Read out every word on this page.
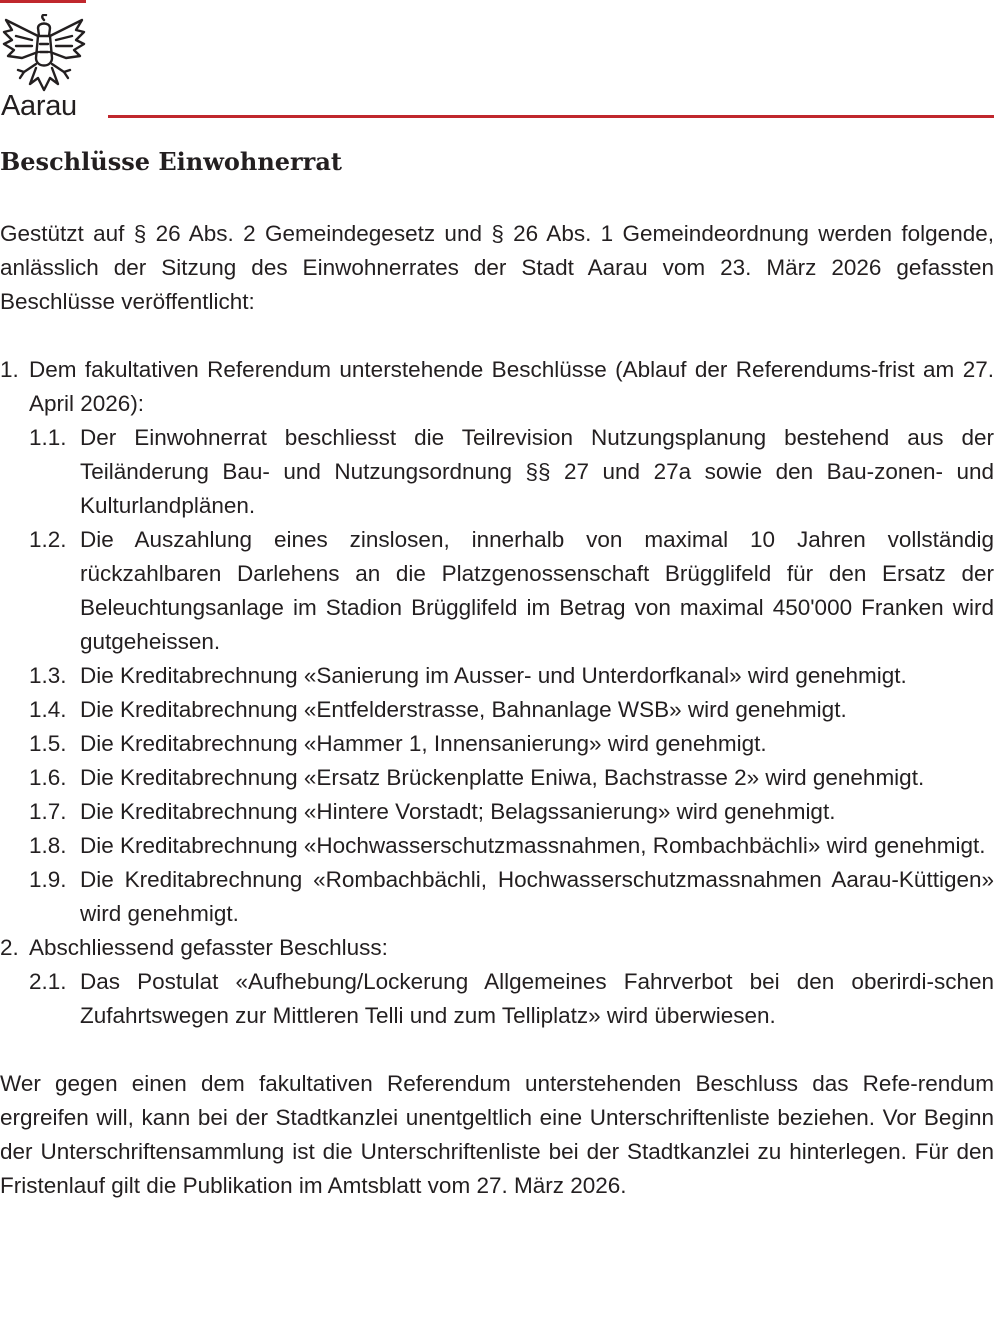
Aarau
Beschlüsse Einwohnerrat

Gestützt auf § 26 Abs. 2 Gemeindegesetz und § 26 Abs. 1 Gemeindeordnung werden folgende, anlässlich der Sitzung des Einwohnerrates der Stadt Aarau vom 23. März 2026 gefassten Beschlüsse veröffentlicht:

1. Dem fakultativen Referendum unterstehende Beschlüsse (Ablauf der Referendums-frist am 27. April 2026):
1.1. Der Einwohnerrat beschliesst die Teilrevision Nutzungsplanung bestehend aus der Teiländerung Bau- und Nutzungsordnung §§ 27 und 27a sowie den Bau-zonen- und Kulturlandplänen.
1.2. Die Auszahlung eines zinslosen, innerhalb von maximal 10 Jahren vollständig rückzahlbaren Darlehens an die Platzgenossenschaft Brügglifeld für den Ersatz der Beleuchtungsanlage im Stadion Brügglifeld im Betrag von maximal 450'000 Franken wird gutgeheissen.
1.3. Die Kreditabrechnung «Sanierung im Ausser- und Unterdorfkanal» wird genehmigt.
1.4. Die Kreditabrechnung «Entfelderstrasse, Bahnanlage WSB» wird genehmigt.
1.5. Die Kreditabrechnung «Hammer 1, Innensanierung» wird genehmigt.
1.6. Die Kreditabrechnung «Ersatz Brückenplatte Eniwa, Bachstrasse 2» wird genehmigt.
1.7. Die Kreditabrechnung «Hintere Vorstadt; Belagssanierung» wird genehmigt.
1.8. Die Kreditabrechnung «Hochwasserschutzmassnahmen, Rombachbächli» wird genehmigt.
1.9. Die Kreditabrechnung «Rombachbächli, Hochwasserschutzmassnahmen Aarau-Küttigen» wird genehmigt.
2. Abschliessend gefasster Beschluss:
2.1. Das Postulat «Aufhebung/Lockerung Allgemeines Fahrverbot bei den oberirdi-schen Zufahrtswegen zur Mittleren Telli und zum Telliplatz» wird überwiesen.

Wer gegen einen dem fakultativen Referendum unterstehenden Beschluss das Refe-rendum ergreifen will, kann bei der Stadtkanzlei unentgeltlich eine Unterschriftenliste beziehen. Vor Beginn der Unterschriftensammlung ist die Unterschriftenliste bei der Stadtkanzlei zu hinterlegen. Für den Fristenlauf gilt die Publikation im Amtsblatt vom 27. März 2026.
